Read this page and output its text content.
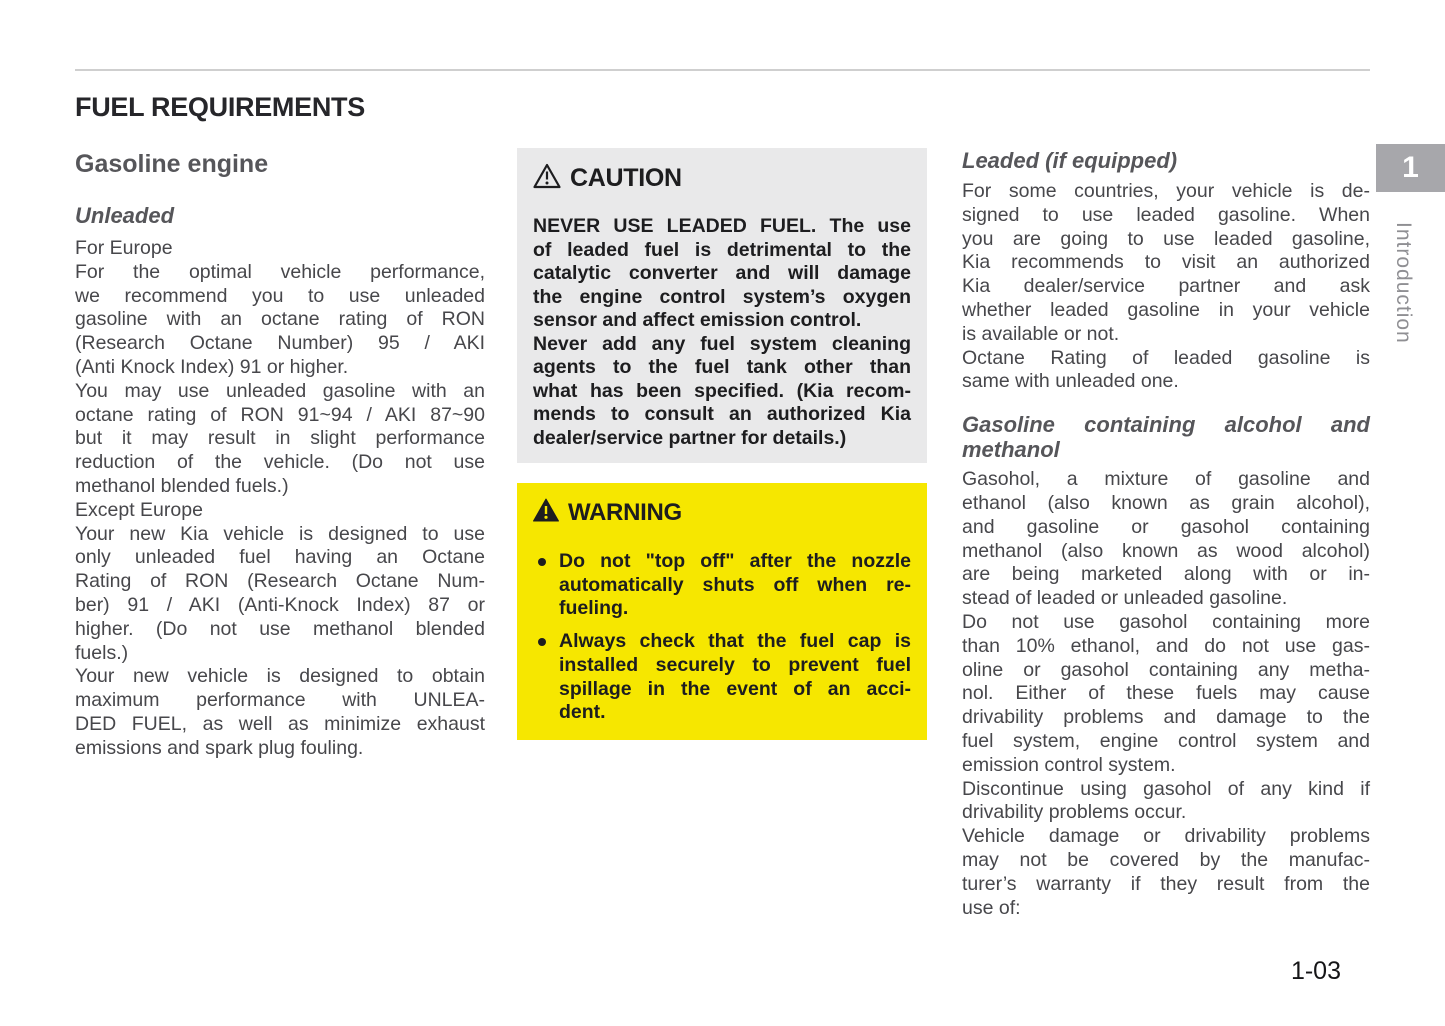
FUEL REQUIREMENTS
Gasoline engine
Unleaded
For Europe
For the optimal vehicle performance,
we recommend you to use unleaded
gasoline with an octane rating of RON
(Research Octane Number) 95 / AKI
(Anti Knock Index) 91 or higher.
You may use unleaded gasoline with an
octane rating of RON 91~94 / AKI 87~90
but it may result in slight performance
reduction of the vehicle. (Do not use
methanol blended fuels.)
Except Europe
Your new Kia vehicle is designed to use
only unleaded fuel having an Octane
Rating of RON (Research Octane Num-
ber) 91 / AKI (Anti-Knock Index) 87 or
higher. (Do not use methanol blended
fuels.)
Your new vehicle is designed to obtain
maximum performance with UNLEA-
DED FUEL, as well as minimize exhaust
emissions and spark plug fouling.
CAUTION
NEVER USE LEADED FUEL. The use
of leaded fuel is detrimental to the
catalytic converter and will damage
the engine control system’s oxygen
sensor and affect emission control.
Never add any fuel system cleaning
agents to the fuel tank other than
what has been specified. (Kia recom-
mends to consult an authorized Kia
dealer/service partner for details.)
WARNING
Do not "top off" after the nozzle
automatically shuts off when re-
fueling.
Always check that the fuel cap is
installed securely to prevent fuel
spillage in the event of an acci-
dent.
Leaded (if equipped)
For some countries, your vehicle is de-
signed to use leaded gasoline. When
you are going to use leaded gasoline,
Kia recommends to visit an authorized
Kia dealer/service partner and ask
whether leaded gasoline in your vehicle
is available or not.
Octane Rating of leaded gasoline is
same with unleaded one.
Gasoline containing alcohol and
methanol
Gasohol, a mixture of gasoline and
ethanol (also known as grain alcohol),
and gasoline or gasohol containing
methanol (also known as wood alcohol)
are being marketed along with or in-
stead of leaded or unleaded gasoline.
Do not use gasohol containing more
than 10% ethanol, and do not use gas-
oline or gasohol containing any metha-
nol. Either of these fuels may cause
drivability problems and damage to the
fuel system, engine control system and
emission control system.
Discontinue using gasohol of any kind if
drivability problems occur.
Vehicle damage or drivability problems
may not be covered by the manufac-
turer’s warranty if they result from the
use of:
1
Introduction
1-03
